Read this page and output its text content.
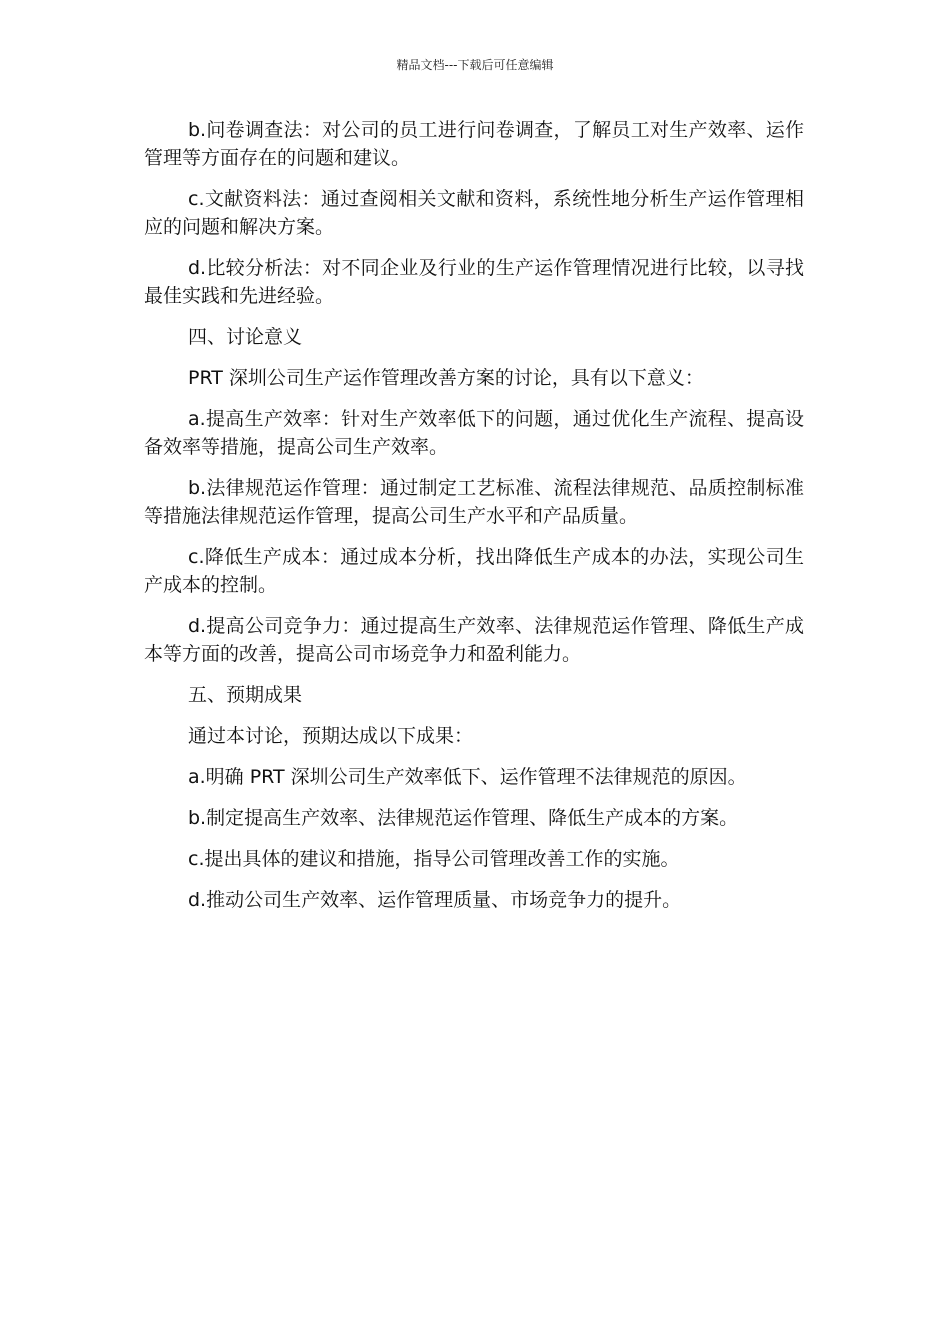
精品文档---下载后可任意编辑

b.问卷调查法：对公司的员工进行问卷调查，了解员工对生产效率、运作管理等方面存在的问题和建议。

c.文献资料法：通过查阅相关文献和资料，系统性地分析生产运作管理相应的问题和解决方案。

d.比较分析法：对不同企业及行业的生产运作管理情况进行比较，以寻找最佳实践和先进经验。

四、讨论意义

PRT 深圳公司生产运作管理改善方案的讨论，具有以下意义：

a.提高生产效率：针对生产效率低下的问题，通过优化生产流程、提高设备效率等措施，提高公司生产效率。

b.法律规范运作管理：通过制定工艺标准、流程法律规范、品质控制标准等措施法律规范运作管理，提高公司生产水平和产品质量。

c.降低生产成本：通过成本分析，找出降低生产成本的办法，实现公司生产成本的控制。

d.提高公司竞争力：通过提高生产效率、法律规范运作管理、降低生产成本等方面的改善，提高公司市场竞争力和盈利能力。

五、预期成果

通过本讨论，预期达成以下成果：

a.明确 PRT 深圳公司生产效率低下、运作管理不法律规范的原因。

b.制定提高生产效率、法律规范运作管理、降低生产成本的方案。

c.提出具体的建议和措施，指导公司管理改善工作的实施。

d.推动公司生产效率、运作管理质量、市场竞争力的提升。
